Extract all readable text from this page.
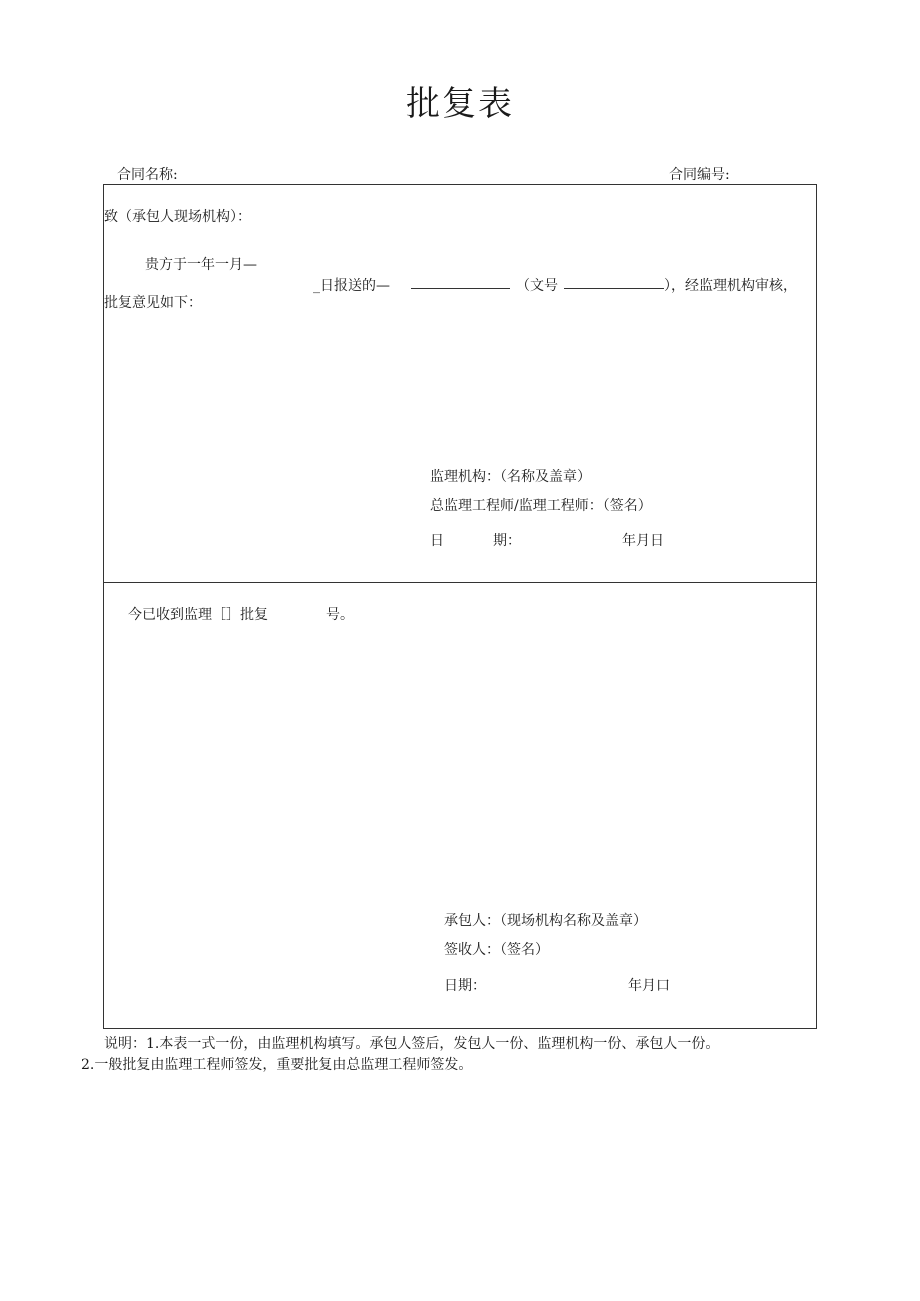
批复表
合同名称:	合同编号:
致（承包人现场机构）：
贵方于一年一月—
_日报送的—	（文号	），经监理机构审核，
批复意见如下：
监理机构：（名称及盖章）
总监理工程师/监理工程师：（签名）
日	期：	年月日
今已收到监理［］批复	号。
承包人：（现场机构名称及盖章）
签收人：（签名）
日期：	年月口
说明：1.本表一式一份，由监理机构填写。承包人签后，发包人一份、监理机构一份、承包人一份。
2.一般批复由监理工程师签发，重要批复由总监理工程师签发。
